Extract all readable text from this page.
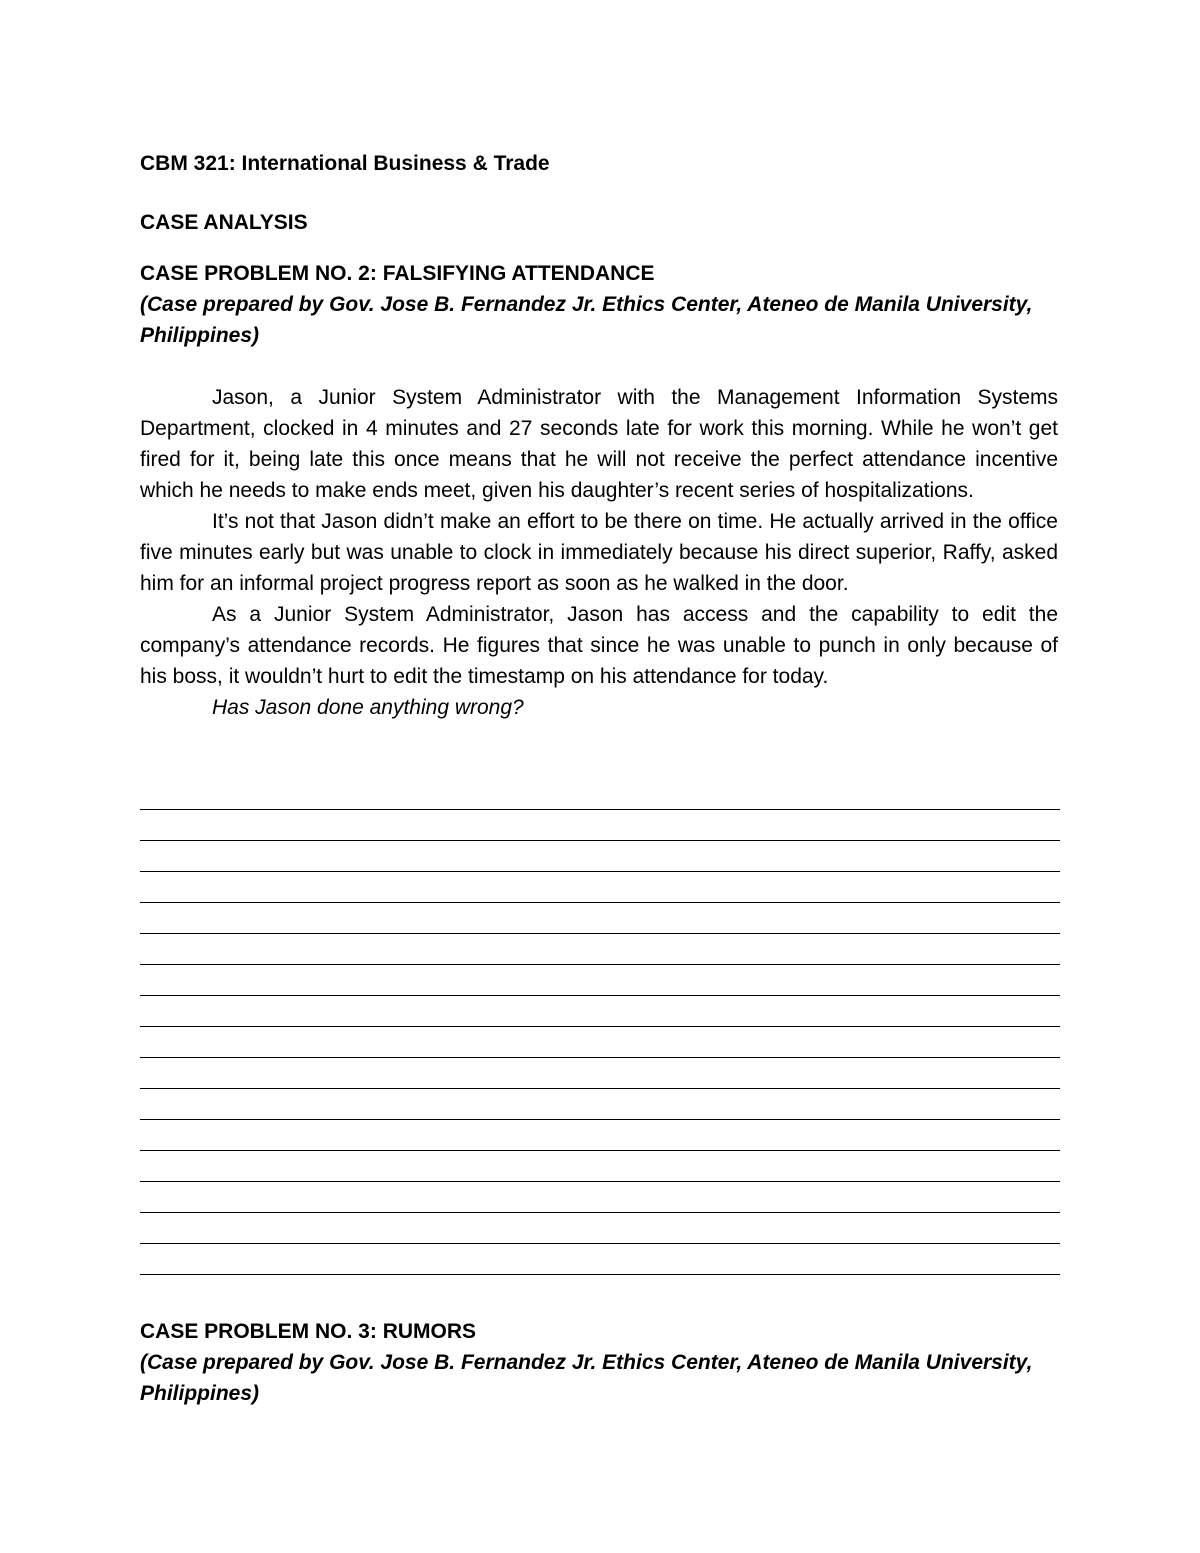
CBM 321: International Business & Trade
CASE ANALYSIS

CASE PROBLEM NO. 2: FALSIFYING ATTENDANCE

(Case prepared by Gov. Jose B. Fernandez Jr. Ethics Center, Ateneo de Manila University, Philippines)

Jason, a Junior System Administrator with the Management Information Systems Department, clocked in 4 minutes and 27 seconds late for work this morning. While he won’t get fired for it, being late this once means that he will not receive the perfect attendance incentive which he needs to make ends meet, given his daughter’s recent series of hospitalizations.

It’s not that Jason didn’t make an effort to be there on time. He actually arrived in the office five minutes early but was unable to clock in immediately because his direct superior, Raffy, asked him for an informal project progress report as soon as he walked in the door.

As a Junior System Administrator, Jason has access and the capability to edit the company’s attendance records. He figures that since he was unable to punch in only because of his boss, it wouldn’t hurt to edit the timestamp on his attendance for today.

Has Jason done anything wrong?

CASE PROBLEM NO. 3: RUMORS

(Case prepared by Gov. Jose B. Fernandez Jr. Ethics Center, Ateneo de Manila University, Philippines)
